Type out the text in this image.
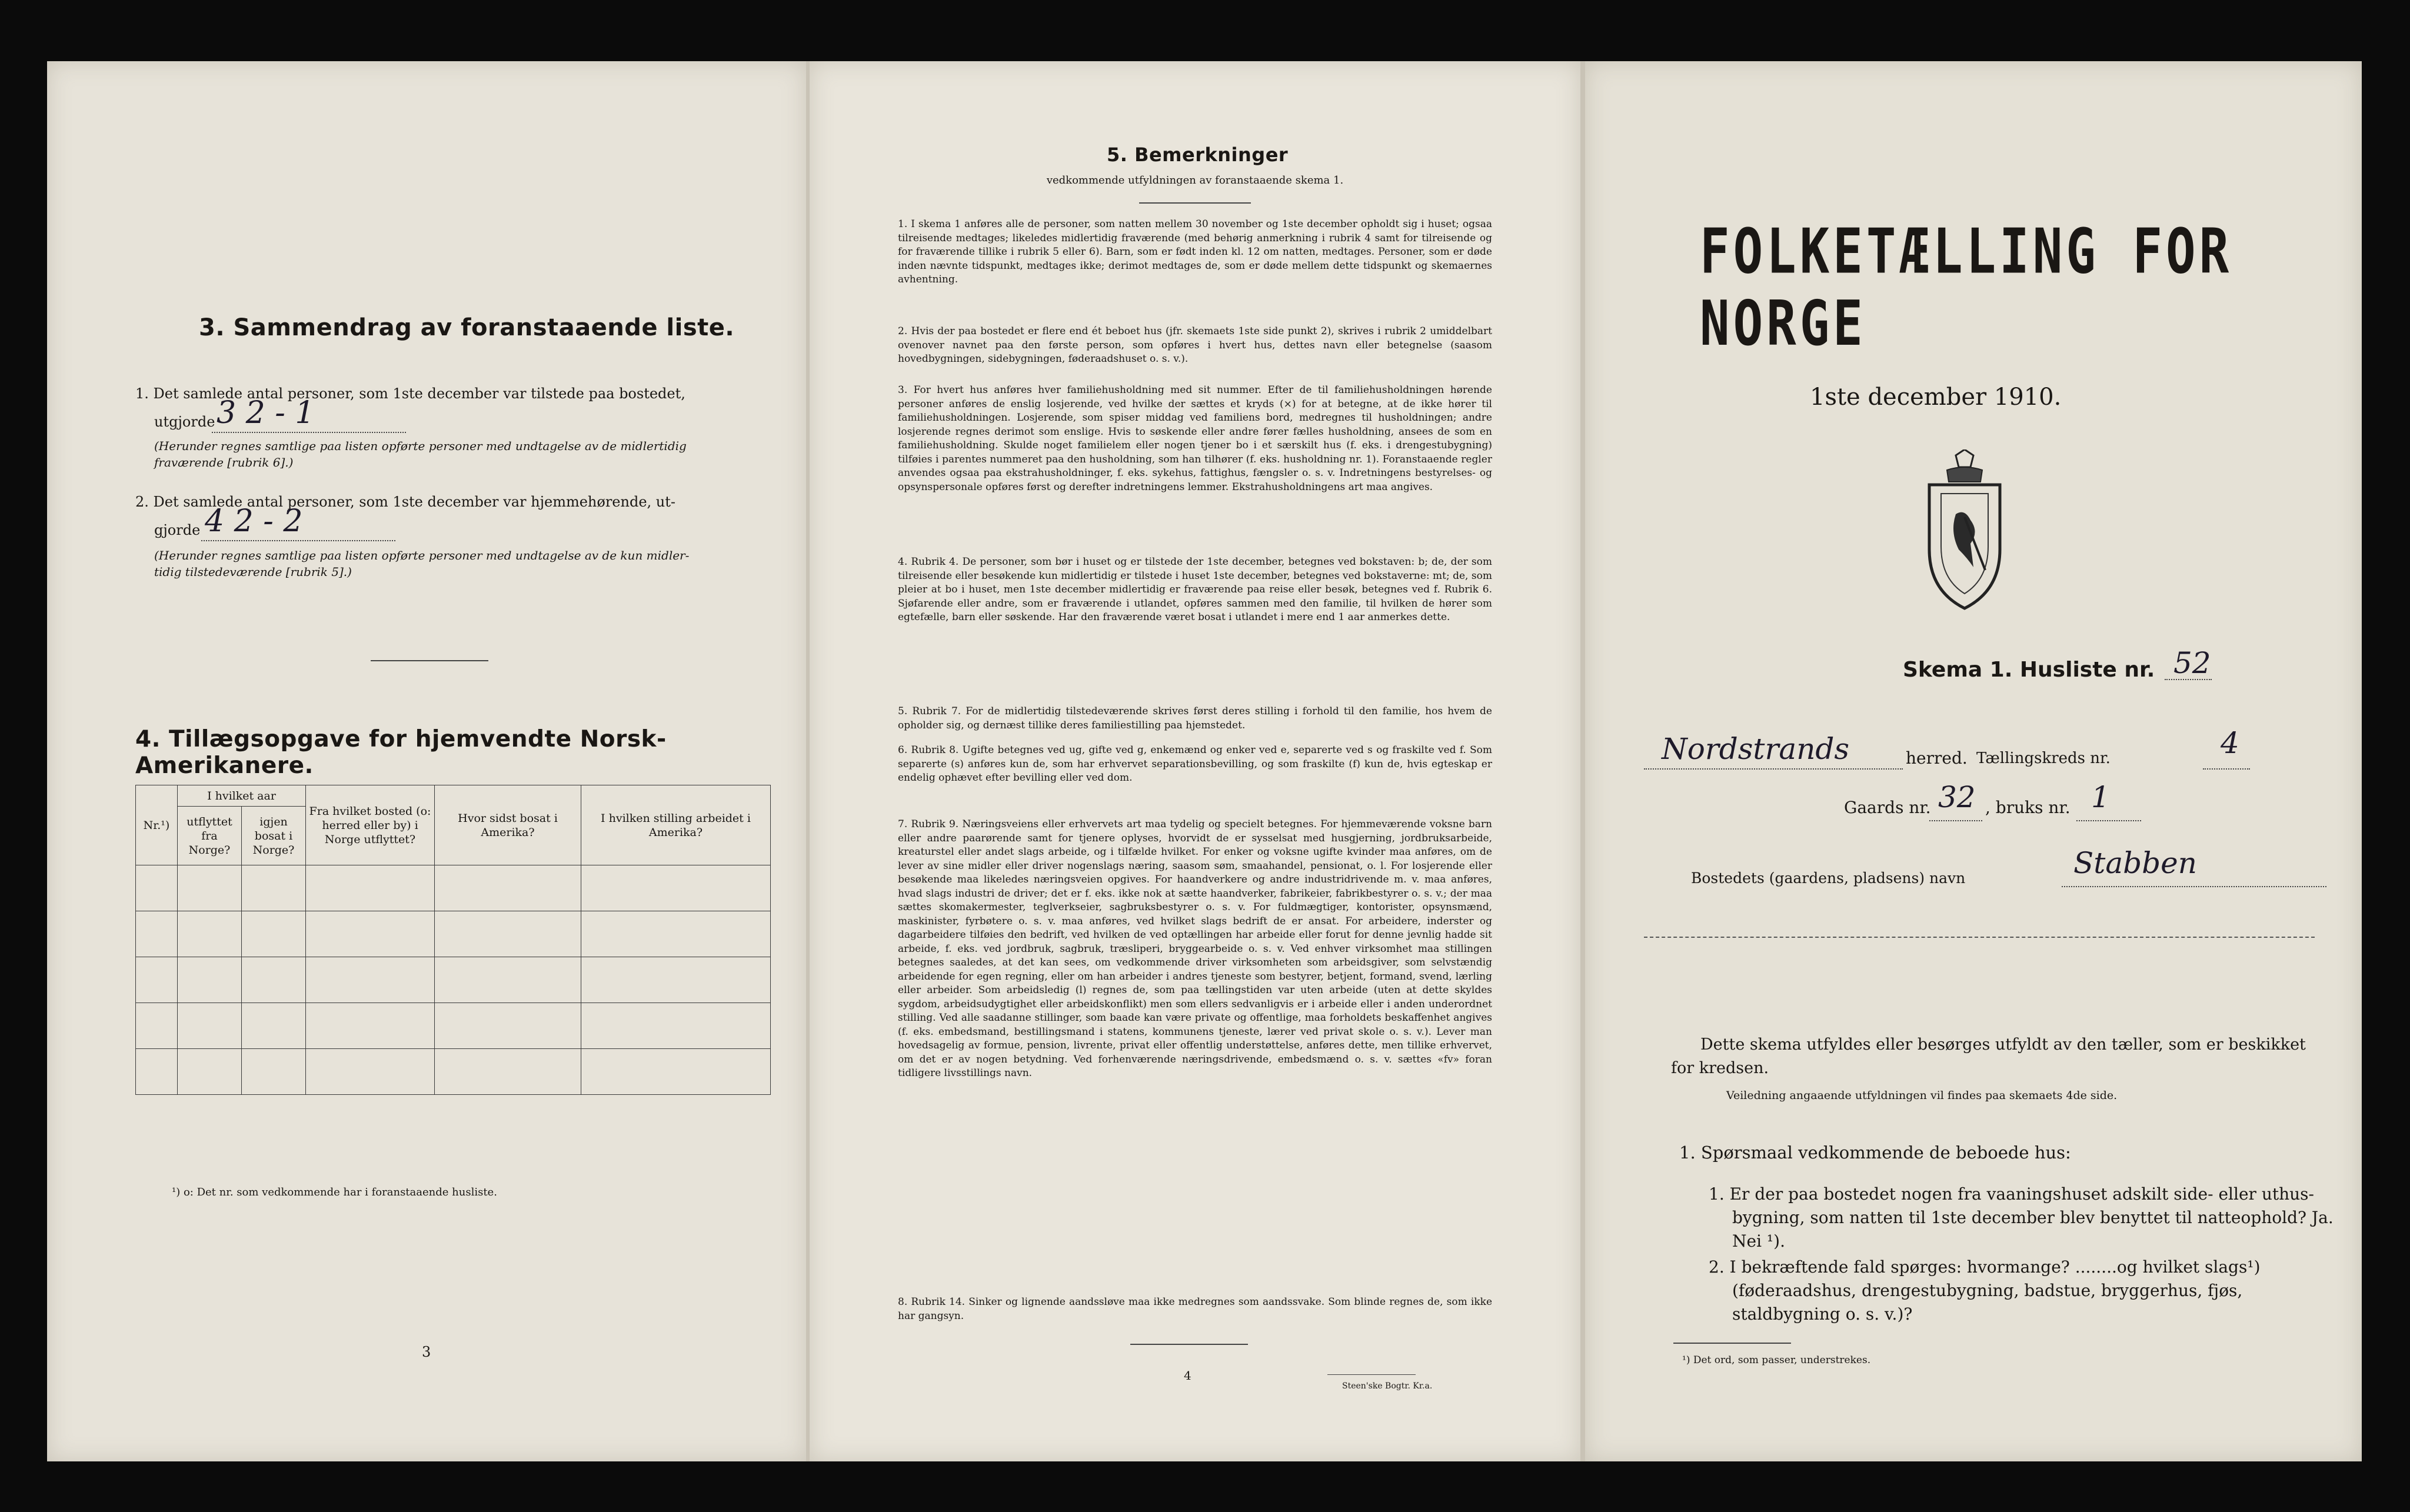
3. Sammendrag av foranstaaende liste.
1. Det samlede antal personer, som 1ste december var tilstede paa bostedet,
utgjorde 3 2 - 1
(Herunder regnes samtlige paa listen opførte personer med undtagelse av de midlertidig
fraværende [rubrik 6].)
2. Det samlede antal personer, som 1ste december var hjemmehørende, ut-
gjorde 4 2 - 2
(Herunder regnes samtlige paa listen opførte personer med undtagelse av de kun midler-
tidig tilstedeværende [rubrik 5].)
4. Tillægsopgave for hjemvendte Norsk-Amerikanere.
Nr.¹)	I hvilket aar		Fra hvilket bosted (o: herred eller by) i Norge utflyttet?	Hvor sidst bosat i Amerika?	I hvilken stilling arbeidet i Amerika?
	utflyttet fra Norge?	igjen bosat i Norge?			

¹) o: Det nr. som vedkommende har i foranstaaende husliste.
3
5. Bemerkninger
vedkommende utfyldningen av foranstaaende skema 1.
1. I skema 1 anføres alle de personer, som natten mellem 30 november og 1ste december opholdt sig i huset; ogsaa tilreisende medtages; likeledes midlertidig fraværende (med behørig anmerkning i rubrik 4 samt for tilreisende og for fraværende tillike i rubrik 5 eller 6). Barn, som er født inden kl. 12 om natten, medtages. Personer, som er døde inden nævnte tidspunkt, medtages ikke; derimot medtages de, som er døde mellem dette tidspunkt og skemaernes avhentning.
2. Hvis der paa bostedet er flere end ét beboet hus (jfr. skemaets 1ste side punkt 2), skrives i rubrik 2 umiddelbart ovenover navnet paa den første person, som opføres i hvert hus, dettes navn eller betegnelse (saasom hovedbygningen, sidebygningen, føderaadshuset o. s. v.).
3. For hvert hus anføres hver familiehusholdning med sit nummer. Efter de til familiehusholdningen hørende personer anføres de enslig losjerende, ved hvilke der sættes et kryds (×) for at betegne, at de ikke hører til familiehusholdningen. Losjerende, som spiser middag ved familiens bord, medregnes til husholdningen; andre losjerende regnes derimot som enslige. Hvis to søskende eller andre fører fælles husholdning, ansees de som en familiehusholdning. Skulde noget familielem eller nogen tjener bo i et særskilt hus (f. eks. i drengestubygning) tilføies i parentes nummeret paa den husholdning, som han tilhører (f. eks. husholdning nr. 1). Foranstaaende regler anvendes ogsaa paa ekstrahusholdninger, f. eks. sykehus, fattighus, fængsler o. s. v. Indretningens bestyrelses- og opsynspersonale opføres først og derefter indretningens lemmer. Ekstrahusholdningens art maa angives.
4. Rubrik 4. De personer, som bør i huset og er tilstede der 1ste december, betegnes ved bokstaven: b; de, der som tilreisende eller besøkende kun midlertidig er tilstede i huset 1ste december, betegnes ved bokstaverne: mt; de, som pleier at bo i huset, men 1ste december midlertidig er fraværende paa reise eller besøk, betegnes ved f. Rubrik 6. Sjøfarende eller andre, som er fraværende i utlandet, opføres sammen med den familie, til hvilken de hører som egtefælle, barn eller søskende. Har den fraværende været bosat i utlandet i mere end 1 aar anmerkes dette.
5. Rubrik 7. For de midlertidig tilstedeværende skrives først deres stilling i forhold til den familie, hos hvem de opholder sig, og dernæst tillike deres familiestilling paa hjemstedet.
6. Rubrik 8. Ugifte betegnes ved ug, gifte ved g, enkemænd og enker ved e, separerte ved s og fraskilte ved f. Som separerte (s) anføres kun de, som har erhvervet separationsbevilling, og som fraskilte (f) kun de, hvis egteskap er endelig ophævet efter bevilling eller ved dom.
7. Rubrik 9. Næringsveiens eller erhvervets art maa tydelig og specielt betegnes. For hjemmeværende voksne barn eller andre paarørende samt for tjenere oplyses, hvorvidt de er sysselsat med husgjerning, jordbruksarbeide, kreaturstel eller andet slags arbeide, og i tilfælde hvilket. For enker og voksne ugifte kvinder maa anføres, om de lever av sine midler eller driver nogenslags næring, saasom søm, smaahandel, pensionat, o. l. For losjerende eller besøkende maa likeledes næringsveien opgives. For haandverkere og andre industridrivende m. v. maa anføres, hvad slags industri de driver; det er f. eks. ikke nok at sætte haandverker, fabrikeier, fabrikbestyrer o. s. v.; der maa sættes skomakermester, teglverkseier, sagbruksbestyrer o. s. v. For fuldmægtiger, kontorister, opsynsmænd, maskinister, fyrbøtere o. s. v. maa anføres, ved hvilket slags bedrift de er ansat. For arbeidere, inderster og dagarbeidere tilføies den bedrift, ved hvilken de ved optællingen har arbeide eller forut for denne jevnlig hadde sit arbeide, f. eks. ved jordbruk, sagbruk, træsliperi, bryggearbeide o. s. v. Ved enhver virksomhet maa stillingen betegnes saaledes, at det kan sees, om vedkommende driver virksomheten som arbeidsgiver, som selvstændig arbeidende for egen regning, eller om han arbeider i andres tjeneste som bestyrer, betjent, formand, svend, lærling eller arbeider. Som arbeidsledig (l) regnes de, som paa tællingstiden var uten arbeide (uten at dette skyldes sygdom, arbeidsudygtighet eller arbeidskonflikt) men som ellers sedvanligvis er i arbeide eller i anden underordnet stilling. Ved alle saadanne stillinger, som baade kan være private og offentlige, maa forholdets beskaffenhet angives (f. eks. embedsmand, bestillingsmand i statens, kommunens tjeneste, lærer ved privat skole o. s. v.). Lever man hovedsagelig av formue, pension, livrente, privat eller offentlig understøttelse, anføres dette, men tillike erhvervet, om det er av nogen betydning. Ved forhenværende næringsdrivende, embedsmænd o. s. v. sættes «fv» foran tidligere livsstillings navn.
8. Rubrik 14. Sinker og lignende aandssløve maa ikke medregnes som aandssvake. Som blinde regnes de, som ikke har gangsyn.
4
Steen'ske Bogtr. Kr.a.
FOLKETÆLLING FOR NORGE
1ste december 1910.
Skema 1. Husliste nr. 52
Nordstrands	herred. Tællingskreds nr.	4
Gaards nr. 32 , bruks nr. 1
Bostedets (gaardens, pladsens) navn	Stabben
Dette skema utfyldes eller besørges utfyldt av den tæller, som er beskikket for kredsen.
Veiledning angaaende utfyldningen vil findes paa skemaets 4de side.
1. Spørsmaal vedkommende de beboede hus:
1. Er der paa bostedet nogen fra vaaningshuset adskilt side- eller uthus-bygning, som natten til 1ste december blev benyttet til natteophold? Ja. Nei ¹).
2. I bekræftende fald spørges: hvormange? ........og hvilket slags¹) (føderaadshus, drengestubygning, badstue, bryggerhus, fjøs, staldbygning o. s. v.)?
¹) Det ord, som passer, understrekes.
